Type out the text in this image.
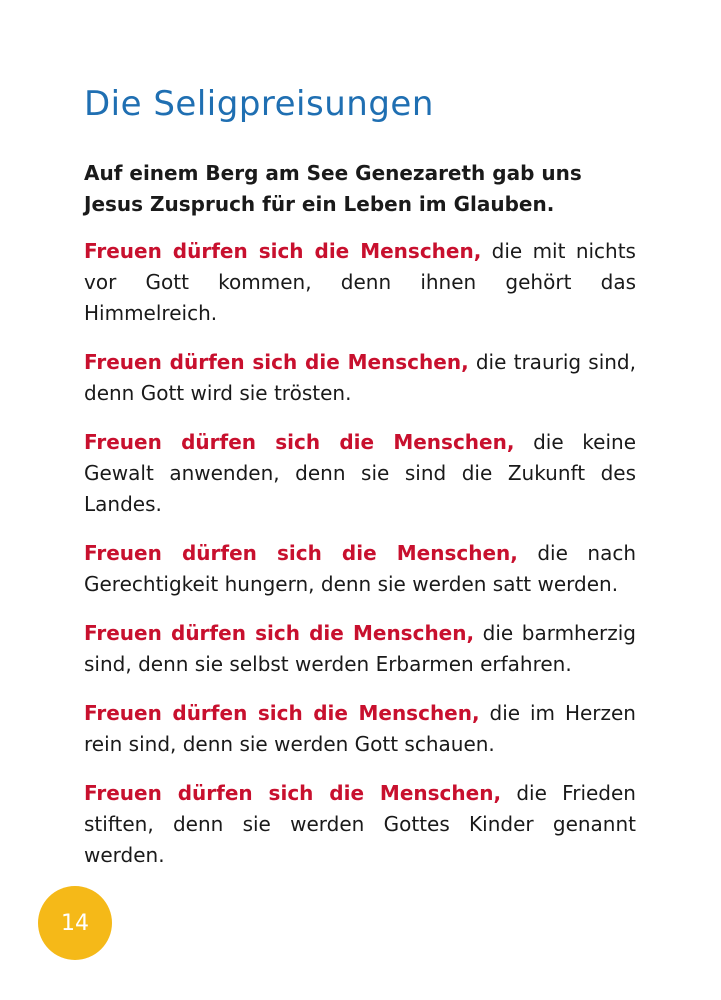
Die Seligpreisungen

Auf einem Berg am See Genezareth gab uns Jesus Zuspruch für ein Leben im Glauben.

Freuen dürfen sich die Menschen, die mit nichts vor Gott kommen, denn ihnen gehört das Himmelreich.

Freuen dürfen sich die Menschen, die traurig sind, denn Gott wird sie trösten.

Freuen dürfen sich die Menschen, die keine Gewalt anwenden, denn sie sind die Zukunft des Landes.

Freuen dürfen sich die Menschen, die nach Gerechtigkeit hungern, denn sie werden satt werden.

Freuen dürfen sich die Menschen, die barmherzig sind, denn sie selbst werden Erbarmen erfahren.

Freuen dürfen sich die Menschen, die im Herzen rein sind, denn sie werden Gott schauen.

Freuen dürfen sich die Menschen, die Frieden stiften, denn sie werden Gottes Kinder genannt werden.

14
